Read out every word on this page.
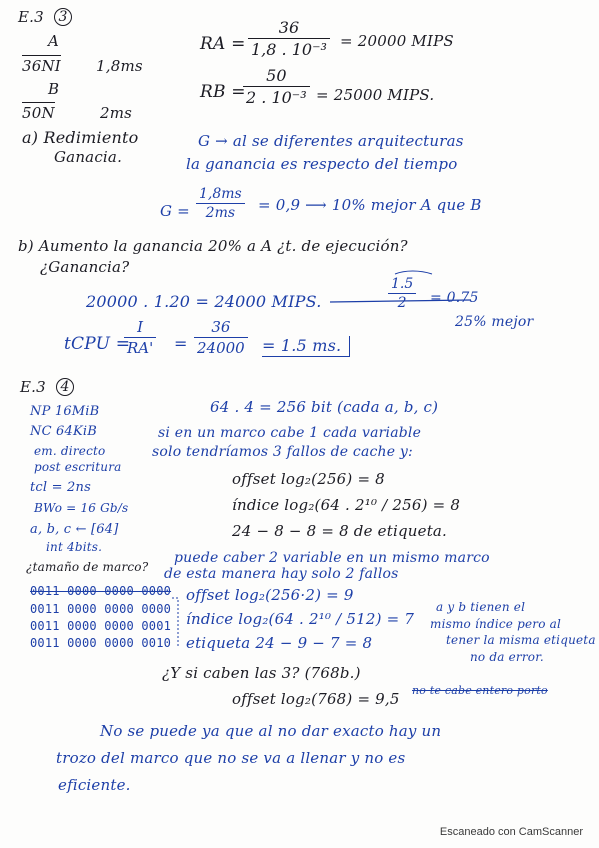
E.3	3
A
36NI 1,8ms
B
50N	2ms
RA =
36
1,8 . 10⁻³ = 20000 MIPS
RB =
50
2 . 10⁻³ = 25000 MIPS.
a) Redimiento
Ganacia.
G → al se diferentes arquitecturas
la ganancia es respecto del tiempo
G =
1,8ms
2ms = 0,9 ⟶ 10% mejor A que B
b) Aumento la ganancia 20% a A ¿t. de ejecución?
¿Ganancia?
20000 . 1.20 = 24000 MIPS.
tCPU =
I
RA' =
36
24000 = 1.5 ms.
1.5
2 = 0.75
25% mejor
E.3	4
NP 16MiB
NC 64KiB
em. directo
post escritura
tcl = 2ns
BWo = 16 Gb/s
a, b, c ← [64]
int 4bits.
¿tamaño de marco?
64 . 4 = 256 bit (cada a, b, c)
si en un marco cabe 1 cada variable
solo tendríamos 3 fallos de cache y:
offset log₂(256) = 8
índice log₂(64 . 2¹⁰ / 256) = 8
24 − 8 − 8 = 8 de etiqueta.
puede caber 2 variable en un mismo marco
de esta manera hay solo 2 fallos
0011 0000 0000 0000
0011 0000 0000 0000
0011 0000 0000 0001
0011 0000 0000 0010
offset log₂(256·2) = 9
índice log₂(64 . 2¹⁰ / 512) = 7
etiqueta 24 − 9 − 7 = 8
a y b tienen el
mismo índice pero al
tener la misma etiqueta
no da error.
¿Y si caben las 3? (768b.)
offset log₂(768) = 9,5 no te cabe entero porto
No se puede ya que al no dar exacto hay un
trozo del marco que no se va a llenar y no es
eficiente.
Escaneado con CamScanner
